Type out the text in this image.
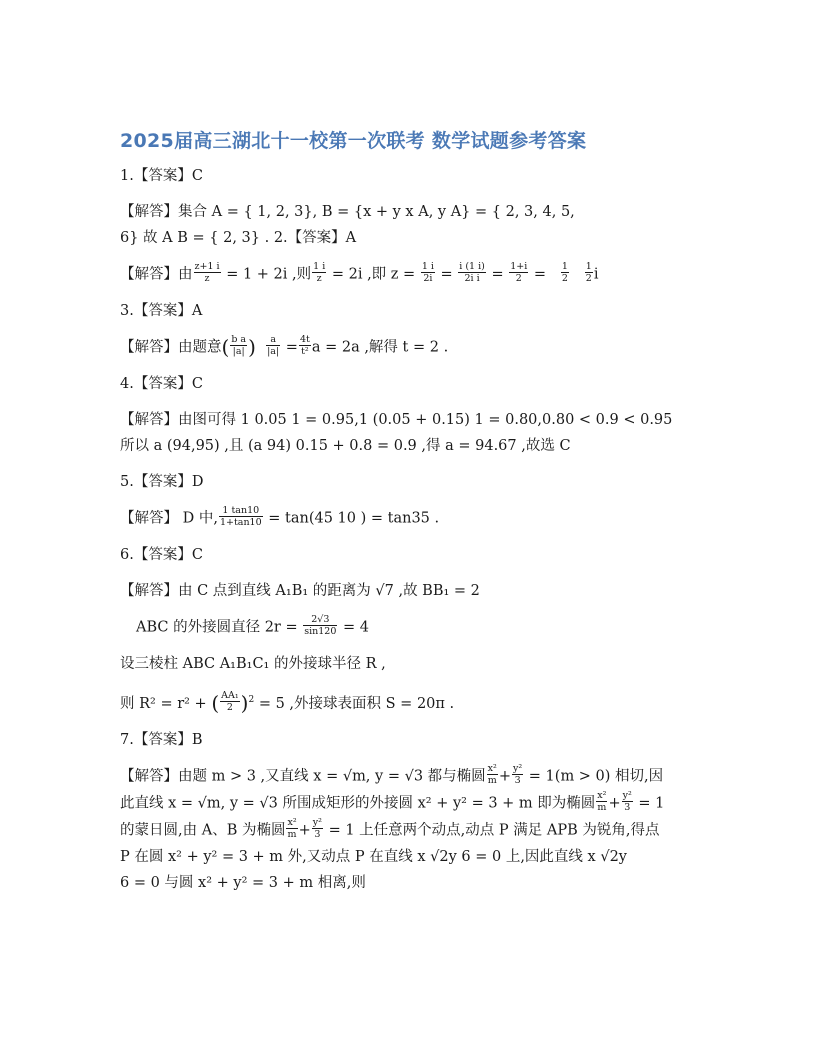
2025届高三湖北十一校第一次联考 数学试题参考答案
1.【答案】C
【解答】集合 A = { 1, 2, 3}, B = {x + y x A, y A} = { 2, 3, 4, 5,
6} 故 A B = { 2, 3} . 2.【答案】A
【解答】由 $\frac{z+1 i}{z} = 1 + 2i$ ,则 $\frac{1 i}{z} = 2i$ ,即 $z = \frac{1 i}{2i} = \frac{i (1 i)}{\text{2i i}} = \frac{1+i}{2} = \frac{1}{2}$
$\frac{1}{2}$ i
3.【答案】A
【解答】由题意( $\frac{\text{b a}}{|a|}$ ) $\frac{a}{|a|} = \frac{4t}{\text{t²}}$ a = 2a ,解得 t = 2 .
4.【答案】C
【解答】由图可得 1 0.05 1 = 0.95,1 (0.05 + 0.15) 1 = 0.80,0.80 < 0.9 < 0.95
所以 a (94,95) ,且 (a 94) 0.15 + 0.8 = 0.9 ,得 a = 94.67 ,故选 C
5.【答案】D
【解答】 D 中, $\frac{1 \tan 10}{1+\tan 10} = \tan(45$ 10 ) = tan35 .
6.【答案】C
【解答】由 C 点到直线 A₁B₁ 的距离为 √7 ,故 BB₁ = 2
ABC 的外接圆直径 $2r = \frac{2√3}{\sin 120} = 4$
设三棱柱 ABC A₁B₁C₁ 的外接球半径 R ,
则 R² = r² + ( $\frac{\text{AA₁}}{2} )^2 = 5$ ,外接球表面积 S = 20π .
7.【答案】B
【解答】由题 m > 3 ,又直线 x = √m, y = √3 都与椭圆 $\frac{\text{x²}}{m} + \frac{\text{y²}}{3} = 1(m > 0)$ 相切,因
此直线 x = √m, y = √3 所围成矩形的外接圆 x² + y² = 3 + m 即为椭圆 $\frac{\text{x²}}{m} + \frac{\text{y²}}{3} = 1$
的蒙日圆,由 A、B 为椭圆 $\frac{\text{x²}}{m} + \frac{\text{y²}}{3} = 1$ 上任意两个动点,动点 P 满足 APB 为锐角,得点
P 在圆 x² + y² = 3 + m 外,又动点 P 在直线 x √2y 6 = 0 上,因此直线 x √2y
6 = 0 与圆 x² + y² = 3 + m 相离,则
